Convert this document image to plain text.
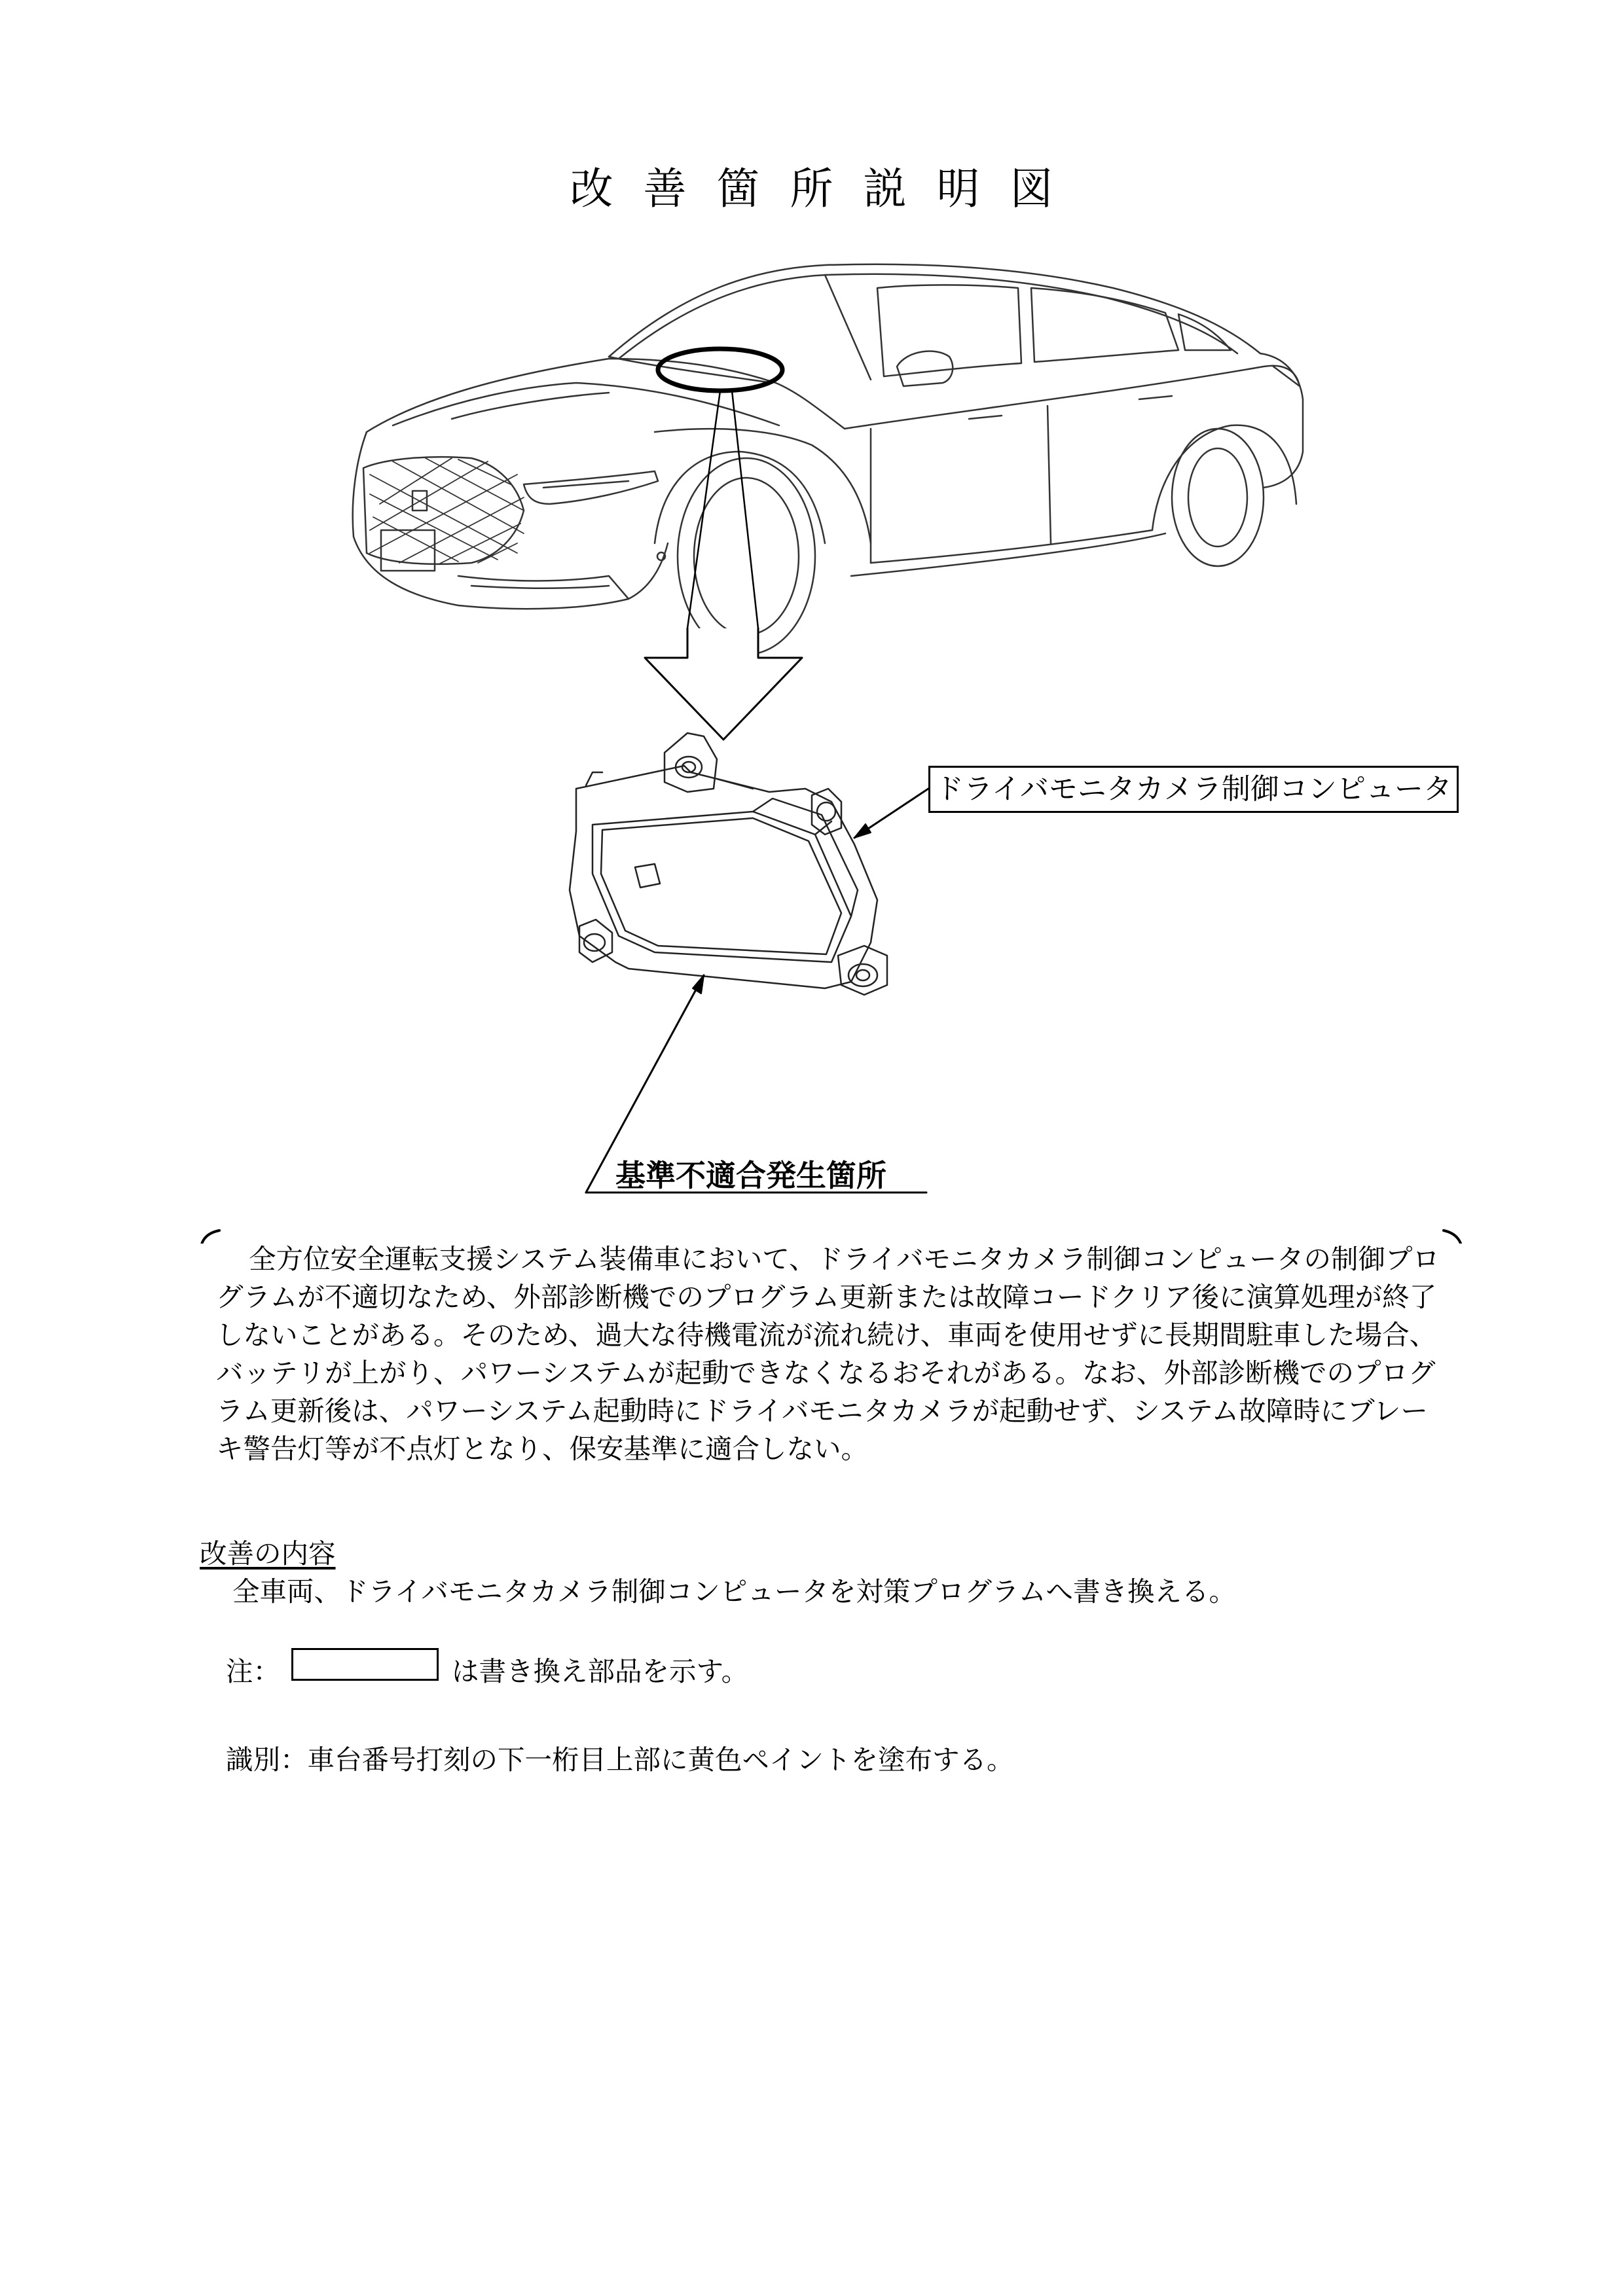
改善箇所説明図
ドライバモニタカメラ制御コンピュータ
基準不適合発生箇所

全方位安全運転支援システム装備車において、ドライバモニタカメラ制御コンピュータの制御プログラムが不適切なため、外部診断機でのプログラム更新または故障コードクリア後に演算処理が終了しないことがある。そのため、過大な待機電流が流れ続け、車両を使用せずに長期間駐車した場合、バッテリが上がり、パワーシステムが起動できなくなるおそれがある。なお、外部診断機でのプログラム更新後は、パワーシステム起動時にドライバモニタカメラが起動せず、システム故障時にブレーキ警告灯等が不点灯となり、保安基準に適合しない。

改善の内容
全車両、ドライバモニタカメラ制御コンピュータを対策プログラムへ書き換える。
注：	は書き換え部品を示す。
識別：車台番号打刻の下一桁目上部に黄色ペイントを塗布する。
